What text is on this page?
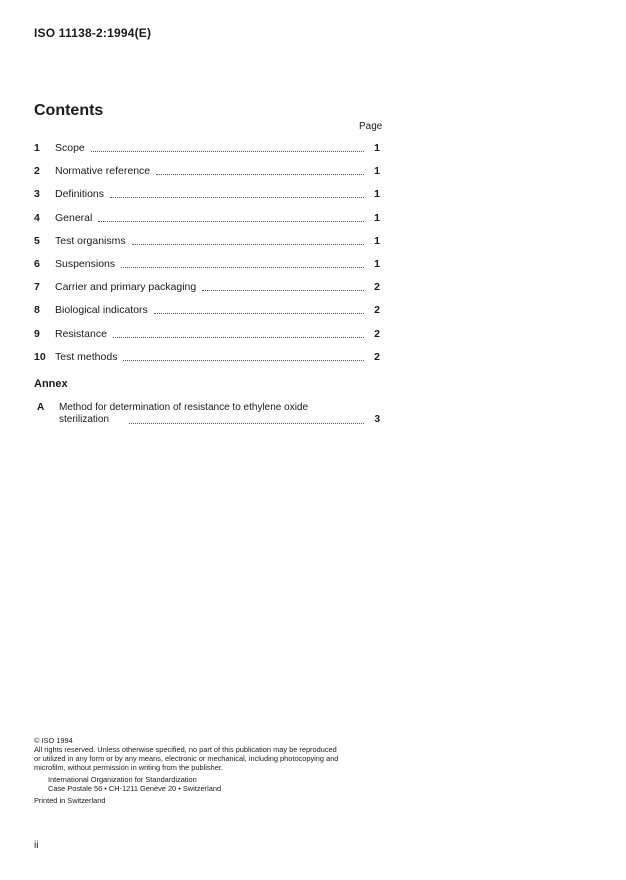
ISO 11138-2:1994(E)
Contents
Page
1	Scope	1
2	Normative reference	1
3	Definitions	1
4	General	1
5	Test organisms	1
6	Suspensions	1
7	Carrier and primary packaging	2
8	Biological indicators	2
9	Resistance	2
10 Test methods	2
Annex
A Method for determination of resistance to ethylene oxide
sterilization	3
© ISO 1994
All rights reserved. Unless otherwise specified, no part of this publication may be reproduced
or utilized in any form or by any means, electronic or mechanical, including photocopying and
microfilm, without permission in writing from the publisher.
International Organization for Standardization
Case Postale 56 • CH-1211 Genève 20 • Switzerland
Printed in Switzerland
ii
